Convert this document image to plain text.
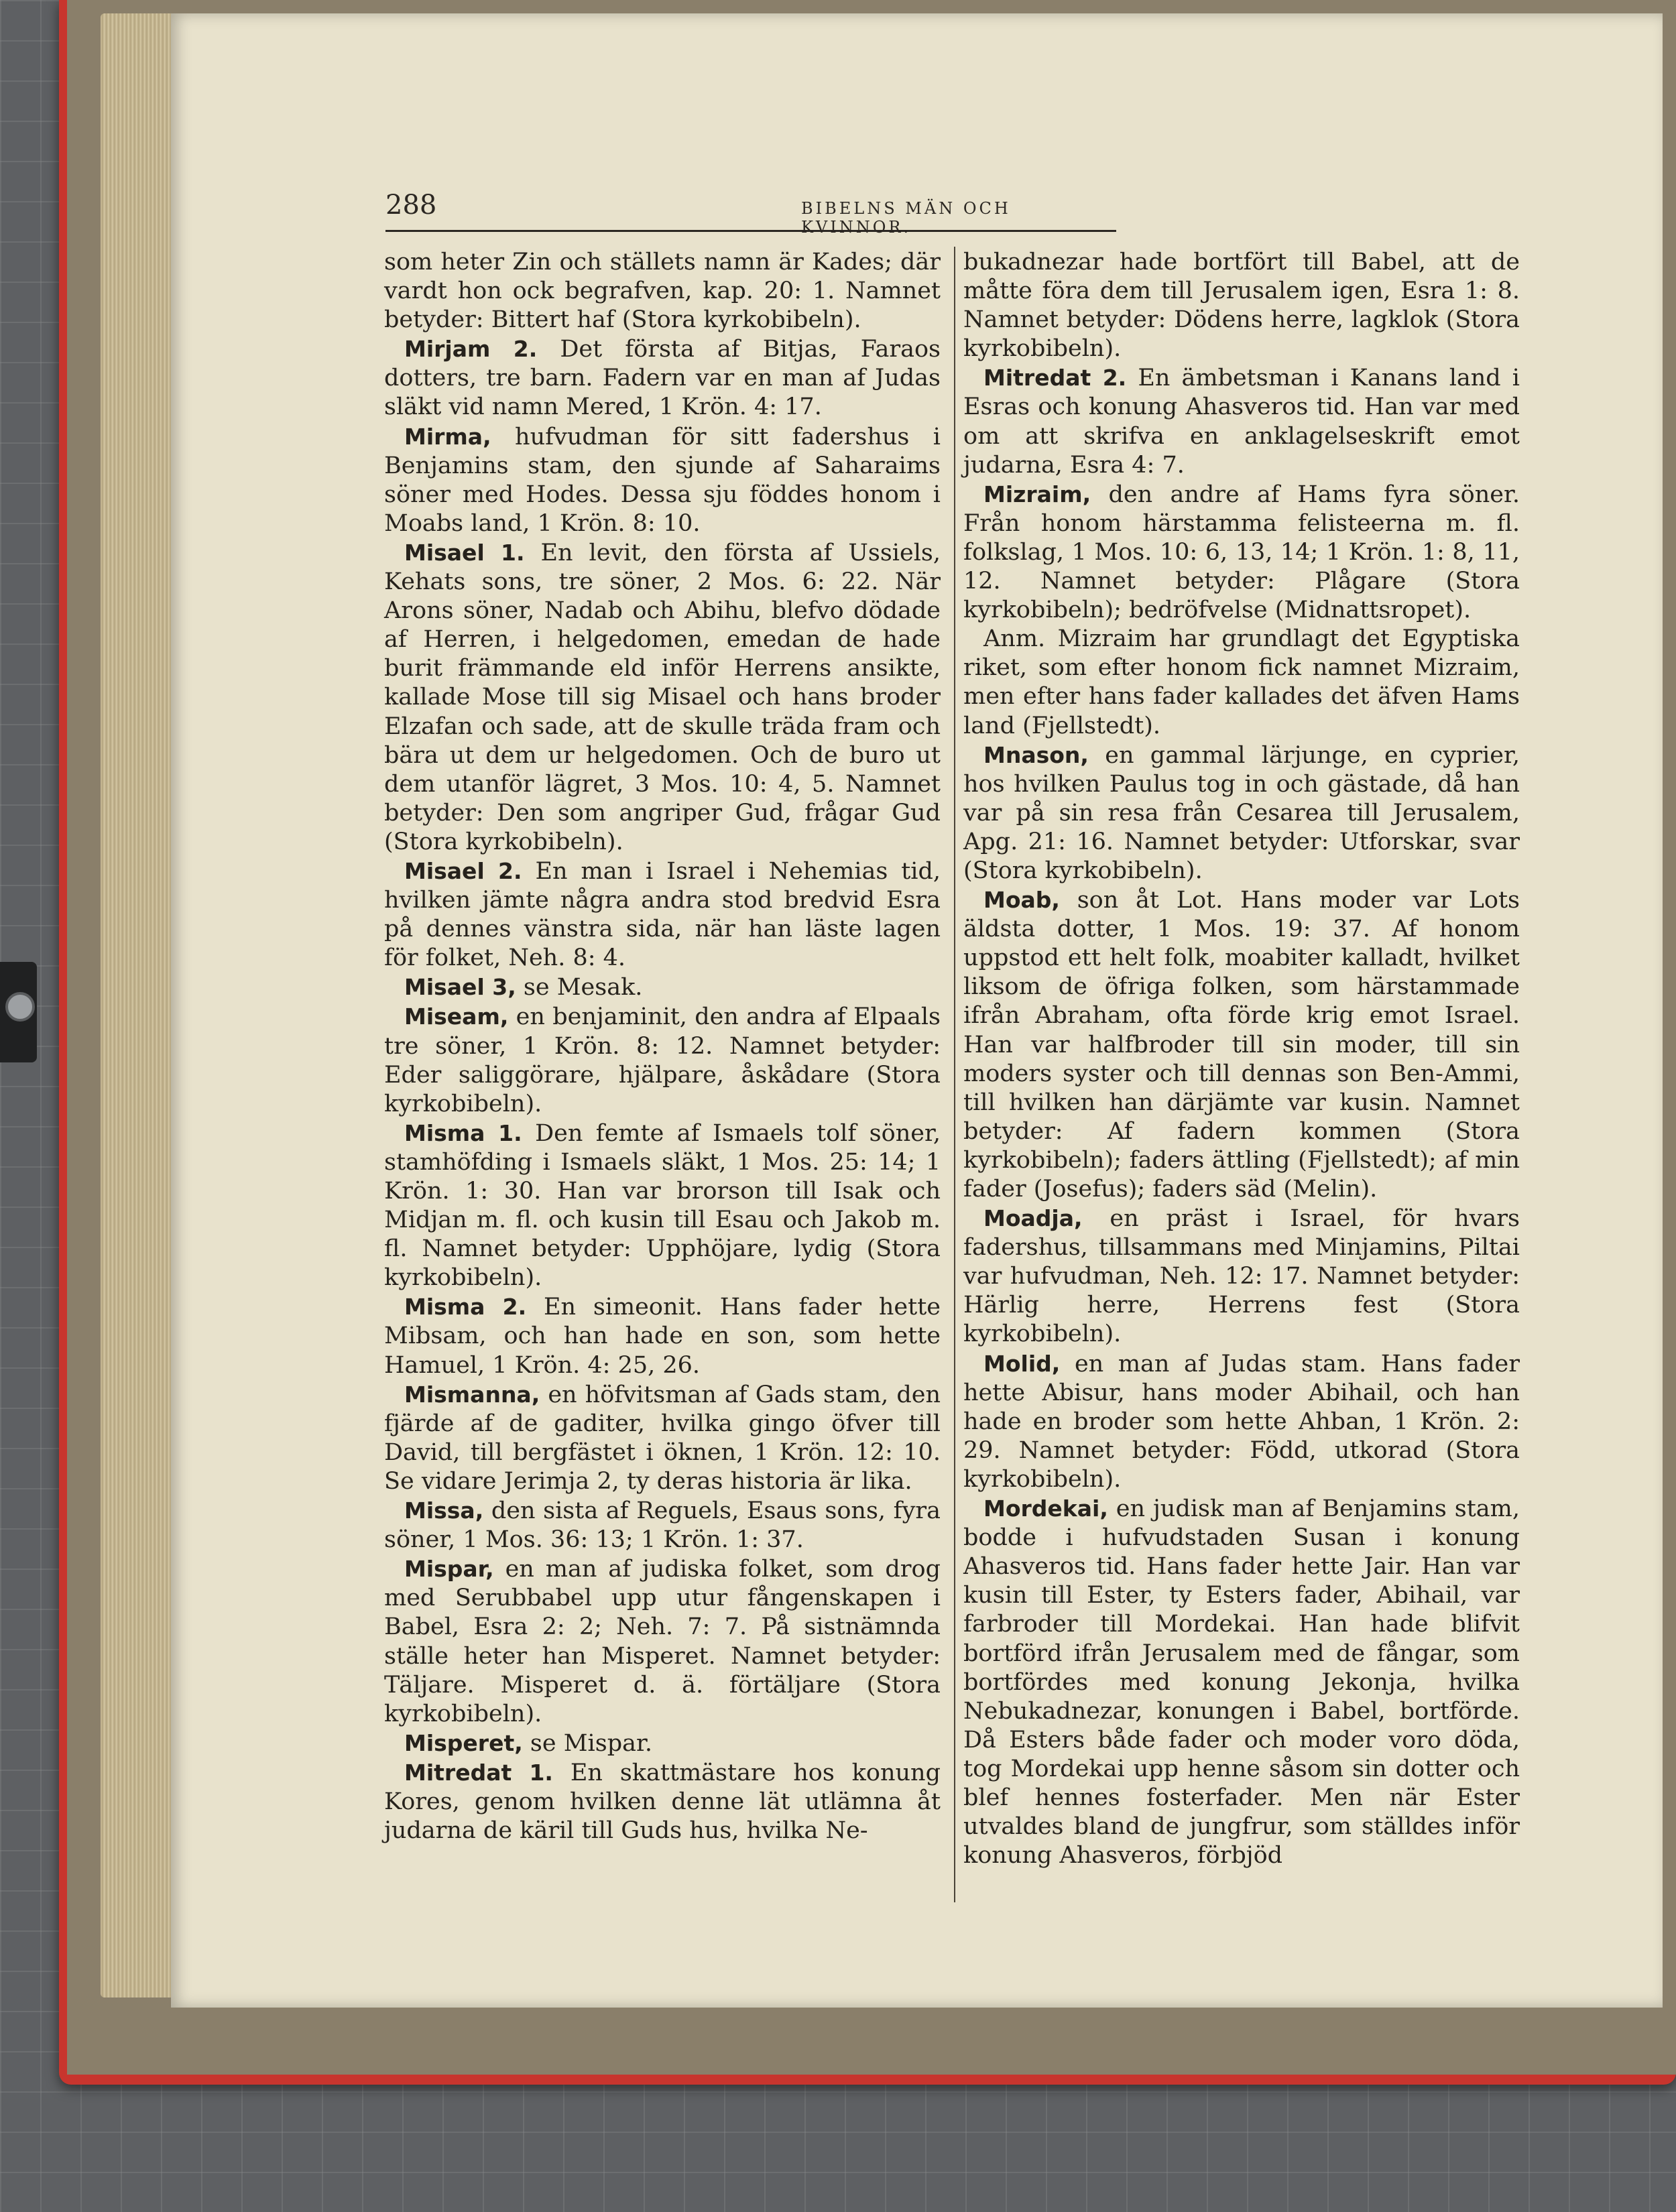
288	BIBELNS MÄN OCH KVINNOR.

som heter Zin och ställets namn är Kades; där vardt hon ock begrafven, kap. 20: 1. Namnet betyder: Bittert haf (Stora kyrkobibeln).

Mirjam 2. Det första af Bitjas, Faraos dotters, tre barn. Fadern var en man af Judas släkt vid namn Mered, 1 Krön. 4: 17.

Mirma, hufvudman för sitt fadershus i Benjamins stam, den sjunde af Saharaims söner med Hodes. Dessa sju föddes honom i Moabs land, 1 Krön. 8: 10.

Misael 1. En levit, den första af Ussiels, Kehats sons, tre söner, 2 Mos. 6: 22. När Arons söner, Nadab och Abihu, blefvo dödade af Herren, i helgedomen, emedan de hade burit främmande eld inför Herrens ansikte, kallade Mose till sig Misael och hans broder Elzafan och sade, att de skulle träda fram och bära ut dem ur helgedomen. Och de buro ut dem utanför lägret, 3 Mos. 10: 4, 5. Namnet betyder: Den som angriper Gud, frågar Gud (Stora kyrkobibeln).

Misael 2. En man i Israel i Nehemias tid, hvilken jämte några andra stod bredvid Esra på dennes vänstra sida, när han läste lagen för folket, Neh. 8: 4.

Misael 3, se Mesak.

Miseam, en benjaminit, den andra af Elpaals tre söner, 1 Krön. 8: 12. Namnet betyder: Eder saliggörare, hjälpare, åskådare (Stora kyrkobibeln).

Misma 1. Den femte af Ismaels tolf söner, stamhöfding i Ismaels släkt, 1 Mos. 25: 14; 1 Krön. 1: 30. Han var brorson till Isak och Midjan m. fl. och kusin till Esau och Jakob m. fl. Namnet betyder: Upphöjare, lydig (Stora kyrkobibeln).

Misma 2. En simeonit. Hans fader hette Mibsam, och han hade en son, som hette Hamuel, 1 Krön. 4: 25, 26.

Mismanna, en höfvitsman af Gads stam, den fjärde af de gaditer, hvilka gingo öfver till David, till bergfästet i öknen, 1 Krön. 12: 10. Se vidare Jerimja 2, ty deras historia är lika.

Missa, den sista af Reguels, Esaus sons, fyra söner, 1 Mos. 36: 13; 1 Krön. 1: 37.

Mispar, en man af judiska folket, som drog med Serubbabel upp utur fångenskapen i Babel, Esra 2: 2; Neh. 7: 7. På sistnämnda ställe heter han Misperet. Namnet betyder: Täljare. Misperet d. ä. förtäljare (Stora kyrkobibeln).

Misperet, se Mispar.

Mitredat 1. En skattmästare hos konung Kores, genom hvilken denne lät utlämna åt judarna de käril till Guds hus, hvilka Ne-

bukadnezar hade bortfört till Babel, att de måtte föra dem till Jerusalem igen, Esra 1: 8. Namnet betyder: Dödens herre, lagklok (Stora kyrkobibeln).

Mitredat 2. En ämbetsman i Kanans land i Esras och konung Ahasveros tid. Han var med om att skrifva en anklagelseskrift emot judarna, Esra 4: 7.

Mizraim, den andre af Hams fyra söner. Från honom härstamma felisteerna m. fl. folkslag, 1 Mos. 10: 6, 13, 14; 1 Krön. 1: 8, 11, 12. Namnet betyder: Plågare (Stora kyrkobibeln); bedröfvelse (Midnattsropet).

Anm. Mizraim har grundlagt det Egyptiska riket, som efter honom fick namnet Mizraim, men efter hans fader kallades det äfven Hams land (Fjellstedt).

Mnason, en gammal lärjunge, en cyprier, hos hvilken Paulus tog in och gästade, då han var på sin resa från Cesarea till Jerusalem, Apg. 21: 16. Namnet betyder: Utforskar, svar (Stora kyrkobibeln).

Moab, son åt Lot. Hans moder var Lots äldsta dotter, 1 Mos. 19: 37. Af honom uppstod ett helt folk, moabiter kalladt, hvilket liksom de öfriga folken, som härstammade ifrån Abraham, ofta förde krig emot Israel. Han var halfbroder till sin moder, till sin moders syster och till dennas son Ben-Ammi, till hvilken han därjämte var kusin. Namnet betyder: Af fadern kommen (Stora kyrkobibeln); faders ättling (Fjellstedt); af min fader (Josefus); faders säd (Melin).

Moadja, en präst i Israel, för hvars fadershus, tillsammans med Minjamins, Piltai var hufvudman, Neh. 12: 17. Namnet betyder: Härlig herre, Herrens fest (Stora kyrkobibeln).

Molid, en man af Judas stam. Hans fader hette Abisur, hans moder Abihail, och han hade en broder som hette Ahban, 1 Krön. 2: 29. Namnet betyder: Född, utkorad (Stora kyrkobibeln).

Mordekai, en judisk man af Benjamins stam, bodde i hufvudstaden Susan i konung Ahasveros tid. Hans fader hette Jair. Han var kusin till Ester, ty Esters fader, Abihail, var farbroder till Mordekai. Han hade blifvit bortförd ifrån Jerusalem med de fångar, som bortfördes med konung Jekonja, hvilka Nebukadnezar, konungen i Babel, bortförde. Då Esters både fader och moder voro döda, tog Mordekai upp henne såsom sin dotter och blef hennes fosterfader. Men när Ester utvaldes bland de jungfrur, som ställdes inför konung Ahasveros, förbjöd
